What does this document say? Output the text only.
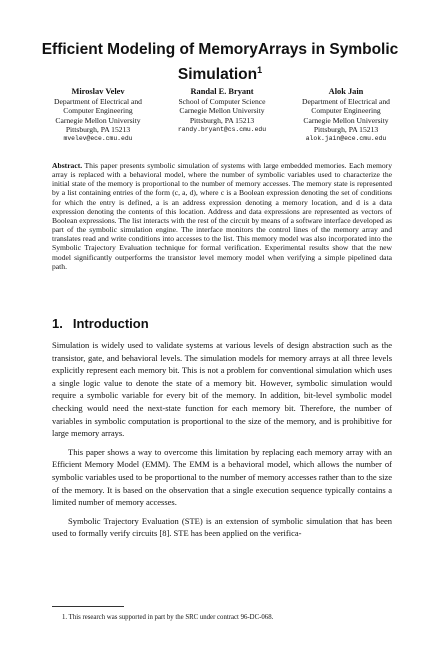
Efficient Modeling of MemoryArrays in Symbolic Simulation$^1$
Miroslav Velev
Department of Electrical and
Computer Engineering
Carnegie Mellon University
Pittsburgh, PA 15213
mvelev@ece.cmu.edu
Randal E. Bryant
School of Computer Science
Carnegie Mellon University
Pittsburgh, PA 15213
randy.bryant@cs.cmu.edu
Alok Jain
Department of Electrical and
Computer Engineering
Carnegie Mellon University
Pittsburgh, PA 15213
alok.jain@ece.cmu.edu
Abstract. This paper presents symbolic simulation of systems with large embedded memories. Each memory array is replaced with a behavioral model, where the number of symbolic variables used to characterize the initial state of the memory is proportional to the number of memory accesses. The memory state is represented by a list containing entries of the form (c, a, d), where c is a Boolean expression denoting the set of conditions for which the entry is defined, a is an address expression denoting a memory location, and d is a data expression denoting the contents of this location. Address and data expressions are represented as vectors of Boolean expressions. The list interacts with the rest of the circuit by means of a software interface developed as part of the symbolic simulation engine. The interface monitors the control lines of the memory array and translates read and write conditions into accesses to the list. This memory model was also incorporated into the Symbolic Trajectory Evaluation technique for formal verification. Experimental results show that the new model significantly outperforms the transistor level memory model when verifying a simple pipelined data path.
1. Introduction

Simulation is widely used to validate systems at various levels of design abstraction such as the transistor, gate, and behavioral levels. The simulation models for memory arrays at all three levels explicitly represent each memory bit. This is not a problem for conventional simulation which uses a single logic value to denote the state of a memory bit. However, symbolic simulation would require a symbolic variable for every bit of the memory. In addition, bit-level symbolic model checking would need the next-state function for each memory bit. Therefore, the number of variables in symbolic computation is proportional to the size of the memory, and is prohibitive for large memory arrays.

This paper shows a way to overcome this limitation by replacing each memory array with an Efficient Memory Model (EMM). The EMM is a behavioral model, which allows the number of symbolic variables used to be proportional to the number of memory accesses rather than to the size of the memory. It is based on the observation that a single execution sequence typically contains a limited number of memory accesses.

Symbolic Trajectory Evaluation (STE) is an extension of symbolic simulation that has been used to formally verify circuits [8]. STE has been applied on the verifica-

1. This research was supported in part by the SRC under contract 96-DC-068.
